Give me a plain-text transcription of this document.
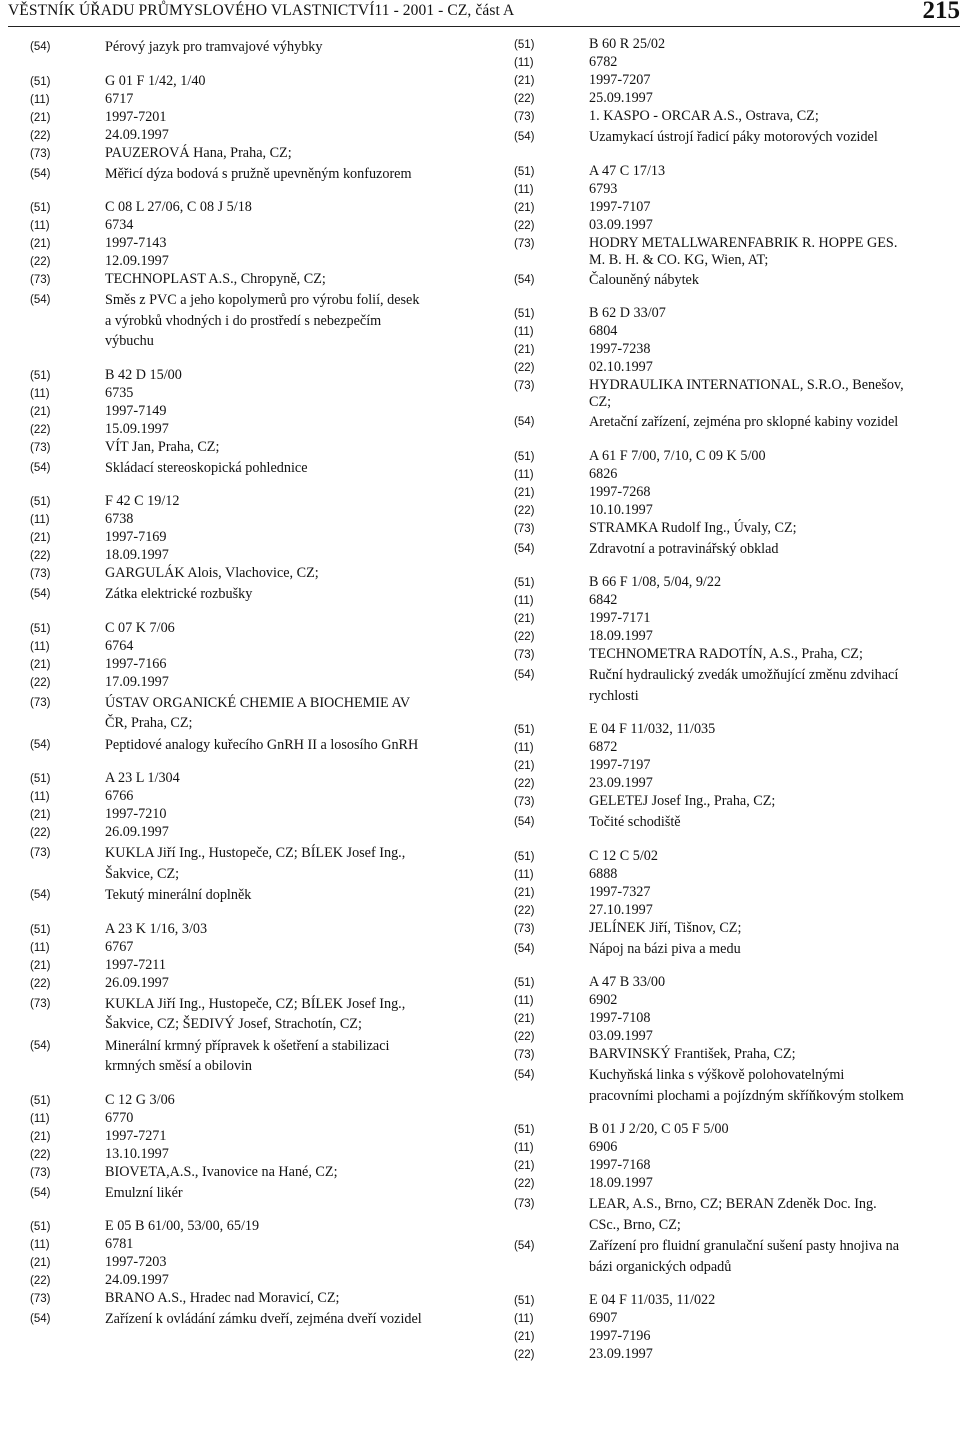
VĚSTNÍK ÚŘADU PRŮMYSLOVÉHO VLASTNICTVÍ11 - 2001 - CZ, část A	215
(54)	Pérový jazyk pro tramvajové výhybky
(51)	G 01 F 1/42, 1/40
(11)	6717
(21)	1997-7201
(22)	24.09.1997
(73)	PAUZEROVÁ Hana, Praha, CZ;
(54)	Měřicí dýza bodová s pružně upevněným konfuzorem
(51)	C 08 L 27/06, C 08 J 5/18
(11)	6734
(21)	1997-7143
(22)	12.09.1997
(73)	TECHNOPLAST A.S., Chropyně, CZ;
(54)	Směs z PVC a jeho kopolymerů pro výrobu folií, desek a výrobků vhodných i do prostředí s nebezpečím výbuchu
(51)	B 42 D 15/00
(11)	6735
(21)	1997-7149
(22)	15.09.1997
(73)	VÍT Jan, Praha, CZ;
(54)	Skládací stereoskopická pohlednice
(51)	F 42 C 19/12
(11)	6738
(21)	1997-7169
(22)	18.09.1997
(73)	GARGULÁK Alois, Vlachovice, CZ;
(54)	Zátka elektrické rozbušky
(51)	C 07 K 7/06
(11)	6764
(21)	1997-7166
(22)	17.09.1997
(73)	ÚSTAV ORGANICKÉ CHEMIE A BIOCHEMIE AV ČR, Praha, CZ;
(54)	Peptidové analogy kuřecího GnRH II a lososího GnRH
(51)	A 23 L 1/304
(11)	6766
(21)	1997-7210
(22)	26.09.1997
(73)	KUKLA Jiří Ing., Hustopeče, CZ; BÍLEK Josef Ing., Šakvice, CZ;
(54)	Tekutý minerální doplněk
(51)	A 23 K 1/16, 3/03
(11)	6767
(21)	1997-7211
(22)	26.09.1997
(73)	KUKLA Jiří Ing., Hustopeče, CZ; BÍLEK Josef Ing., Šakvice, CZ; ŠEDIVÝ Josef, Strachotín, CZ;
(54)	Minerální krmný přípravek k ošetření a stabilizaci krmných směsí a obilovin
(51)	C 12 G 3/06
(11)	6770
(21)	1997-7271
(22)	13.10.1997
(73)	BIOVETA,A.S., Ivanovice na Hané, CZ;
(54)	Emulzní likér
(51)	E 05 B 61/00, 53/00, 65/19
(11)	6781
(21)	1997-7203
(22)	24.09.1997
(73)	BRANO A.S., Hradec nad Moravicí, CZ;
(54)	Zařízení k ovládání zámku dveří, zejména dveří vozidel
(51)	B 60 R 25/02
(11)	6782
(21)	1997-7207
(22)	25.09.1997
(73)	1. KASPO - ORCAR A.S., Ostrava, CZ;
(54)	Uzamykací ústrojí řadicí páky motorových vozidel
(51)	A 47 C 17/13
(11)	6793
(21)	1997-7107
(22)	03.09.1997
(73)	HODRY METALLWARENFABRIK R. HOPPE GES. M. B. H. & CO. KG, Wien, AT;
(54)	Čalouněný nábytek
(51)	B 62 D 33/07
(11)	6804
(21)	1997-7238
(22)	02.10.1997
(73)	HYDRAULIKA INTERNATIONAL, S.R.O., Benešov, CZ;
(54)	Aretační zařízení, zejména pro sklopné kabiny vozidel
(51)	A 61 F 7/00, 7/10, C 09 K 5/00
(11)	6826
(21)	1997-7268
(22)	10.10.1997
(73)	STRAMKA Rudolf Ing., Úvaly, CZ;
(54)	Zdravotní a potravinářský obklad
(51)	B 66 F 1/08, 5/04, 9/22
(11)	6842
(21)	1997-7171
(22)	18.09.1997
(73)	TECHNOMETRA RADOTÍN, A.S., Praha, CZ;
(54)	Ruční hydraulický zvedák umožňující změnu zdvihací rychlosti
(51)	E 04 F 11/032, 11/035
(11)	6872
(21)	1997-7197
(22)	23.09.1997
(73)	GELETEJ Josef Ing., Praha, CZ;
(54)	Točité schodiště
(51)	C 12 C 5/02
(11)	6888
(21)	1997-7327
(22)	27.10.1997
(73)	JELÍNEK Jiří, Tišnov, CZ;
(54)	Nápoj na bázi piva a medu
(51)	A 47 B 33/00
(11)	6902
(21)	1997-7108
(22)	03.09.1997
(73)	BARVINSKÝ František, Praha, CZ;
(54)	Kuchyňská linka s výškově polohovatelnými pracovními plochami a pojízdným skříňkovým stolkem
(51)	B 01 J 2/20, C 05 F 5/00
(11)	6906
(21)	1997-7168
(22)	18.09.1997
(73)	LEAR, A.S., Brno, CZ; BERAN Zdeněk Doc. Ing. CSc., Brno, CZ;
(54)	Zařízení pro fluidní granulační sušení pasty hnojiva na bázi organických odpadů
(51)	E 04 F 11/035, 11/022
(11)	6907
(21)	1997-7196
(22)	23.09.1997
